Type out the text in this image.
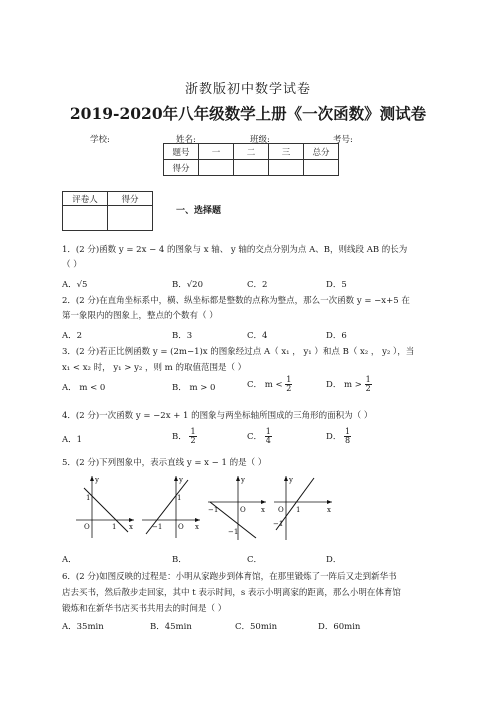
浙教版初中数学试卷
2019-2020年八年级数学上册《一次函数》测试卷
学校:	姓名:	班级:	考号:
题号	一	二	三	总分
得分				
评卷人	得分

一、选择题
1．(2 分)函数 y = 2x − 4 的图象与 x 轴、 y 轴的交点分别为点 A、B，则线段 AB 的长为
（ ）
A．√5	B．√20	C．2	D．5
2．(2 分)在直角坐标系中，横、纵坐标都是整数的点称为整点，那么一次函数 y = −x+5 在
第一象限内的图象上，整点的个数有（ ）
A．2	B．3	C．4	D．6
3．(2 分)若正比例函数 y = (2m−1)x 的图象经过点 A（ x₁ ， y₁ ）和点 B（ x₂ ， y₂ ），当
x₁ < x₂ 时， y₁ > y₂ ，则 m 的取值范围是（ ）
A． m < 0	B． m > 0	C． $m < \frac{1}{2}$	D． $m > \frac{1}{2}$
4．(2 分)一次函数 y = −2x + 1 的图象与两坐标轴所围成的三角形的面积为（ ）
A．1	B． $\frac{1}{2}$	C． $\frac{1}{4}$	D． $\frac{1}{8}$
5．(2 分)下列图象中，表示直线 y = x − 1 的是（ ）
y
x
O
1
1
y
x
O
1
−1
y
x
O
−1
−1
y
x
O 1
−1
A．	B．	C．	D．
6．(2 分)如图反映的过程是：小明从家跑步到体育馆，在那里锻炼了一阵后又走到新华书
店去买书，然后散步走回家，其中 t 表示时间，s 表示小明离家的距离，那么小明在体育馆
锻炼和在新华书店买书共用去的时间是（ ）
A．35min	B．45min	C．50min	D．60min
